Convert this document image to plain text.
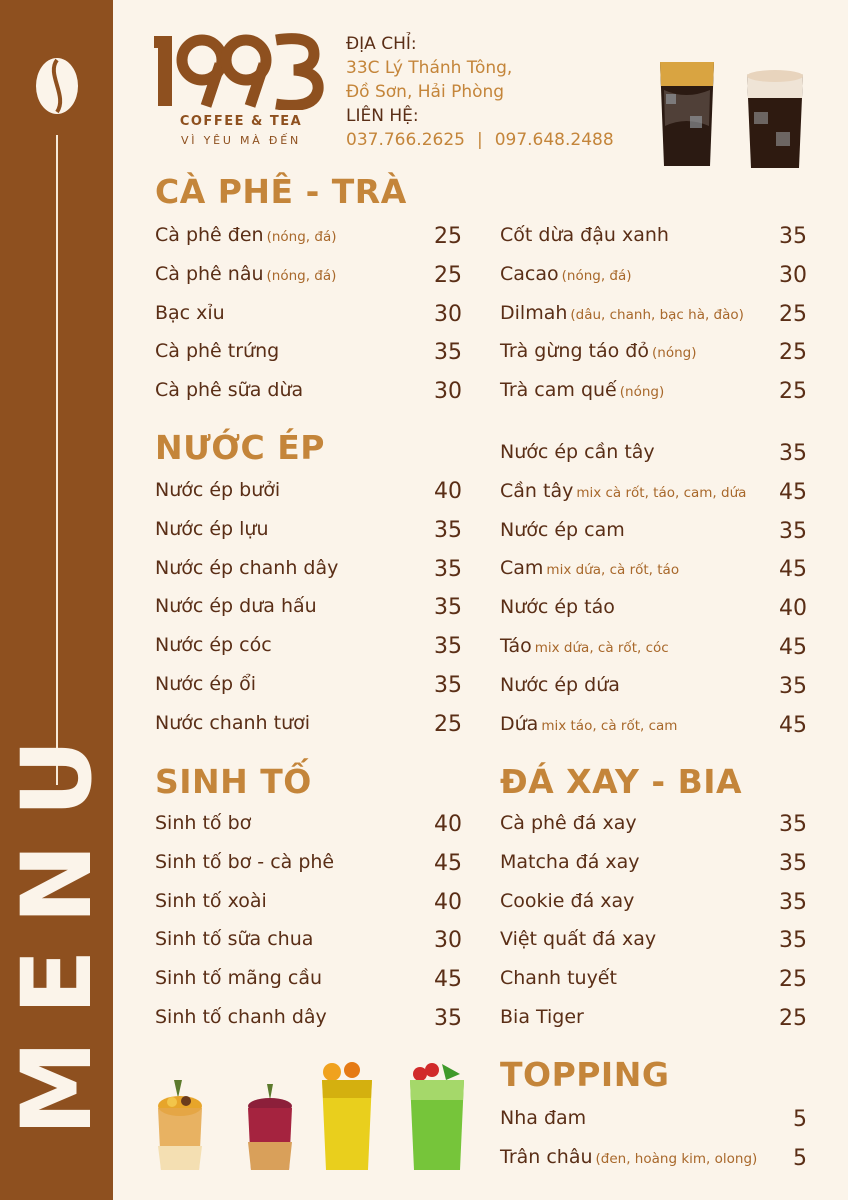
M
E
N
U
COFFEE & TEA
VÌ YÊU MÀ ĐẾN
ĐỊA CHỈ:
33C Lý Thánh Tông,
Đồ Sơn, Hải Phòng
LIÊN HỆ:
037.766.2625 | 097.648.2488
CÀ PHÊ - TRÀ
NƯỚC ÉP
SINH TỐ	ĐÁ XAY - BIA
TOPPING
Cà phê đen (nóng, đá)	25
Cà phê nâu (nóng, đá)	25
Bạc xỉu	30
Cà phê trứng	35
Cà phê sữa dừa	30
Cốt dừa đậu xanh	35
Cacao (nóng, đá)	30
Dilmah (dâu, chanh, bạc hà, đào) 25
Trà gừng táo đỏ (nóng)	25
Trà cam quế (nóng)	25
Nước ép bưởi	40
Nước ép lựu	35
Nước ép chanh dây	35
Nước ép dưa hấu	35
Nước ép cóc	35
Nước ép ổi	35
Nước chanh tươi	25
Nước ép cần tây	35
Cần tây mix cà rốt, táo, cam, dứa 45
Nước ép cam	35
Cam mix dứa, cà rốt, táo	45
Nước ép táo	40
Táo mix dứa, cà rốt, cóc	45
Nước ép dứa	35
Dứa mix táo, cà rốt, cam	45
Sinh tố bơ	40
Sinh tố bơ - cà phê	45
Sinh tố xoài	40
Sinh tố sữa chua	30
Sinh tố mãng cầu	45
Sinh tố chanh dây	35
Cà phê đá xay	35
Matcha đá xay	35
Cookie đá xay	35
Việt quất đá xay	35
Chanh tuyết	25
Bia Tiger	25
Nha đam	5
Trân châu (đen, hoàng kim, olong) 5
